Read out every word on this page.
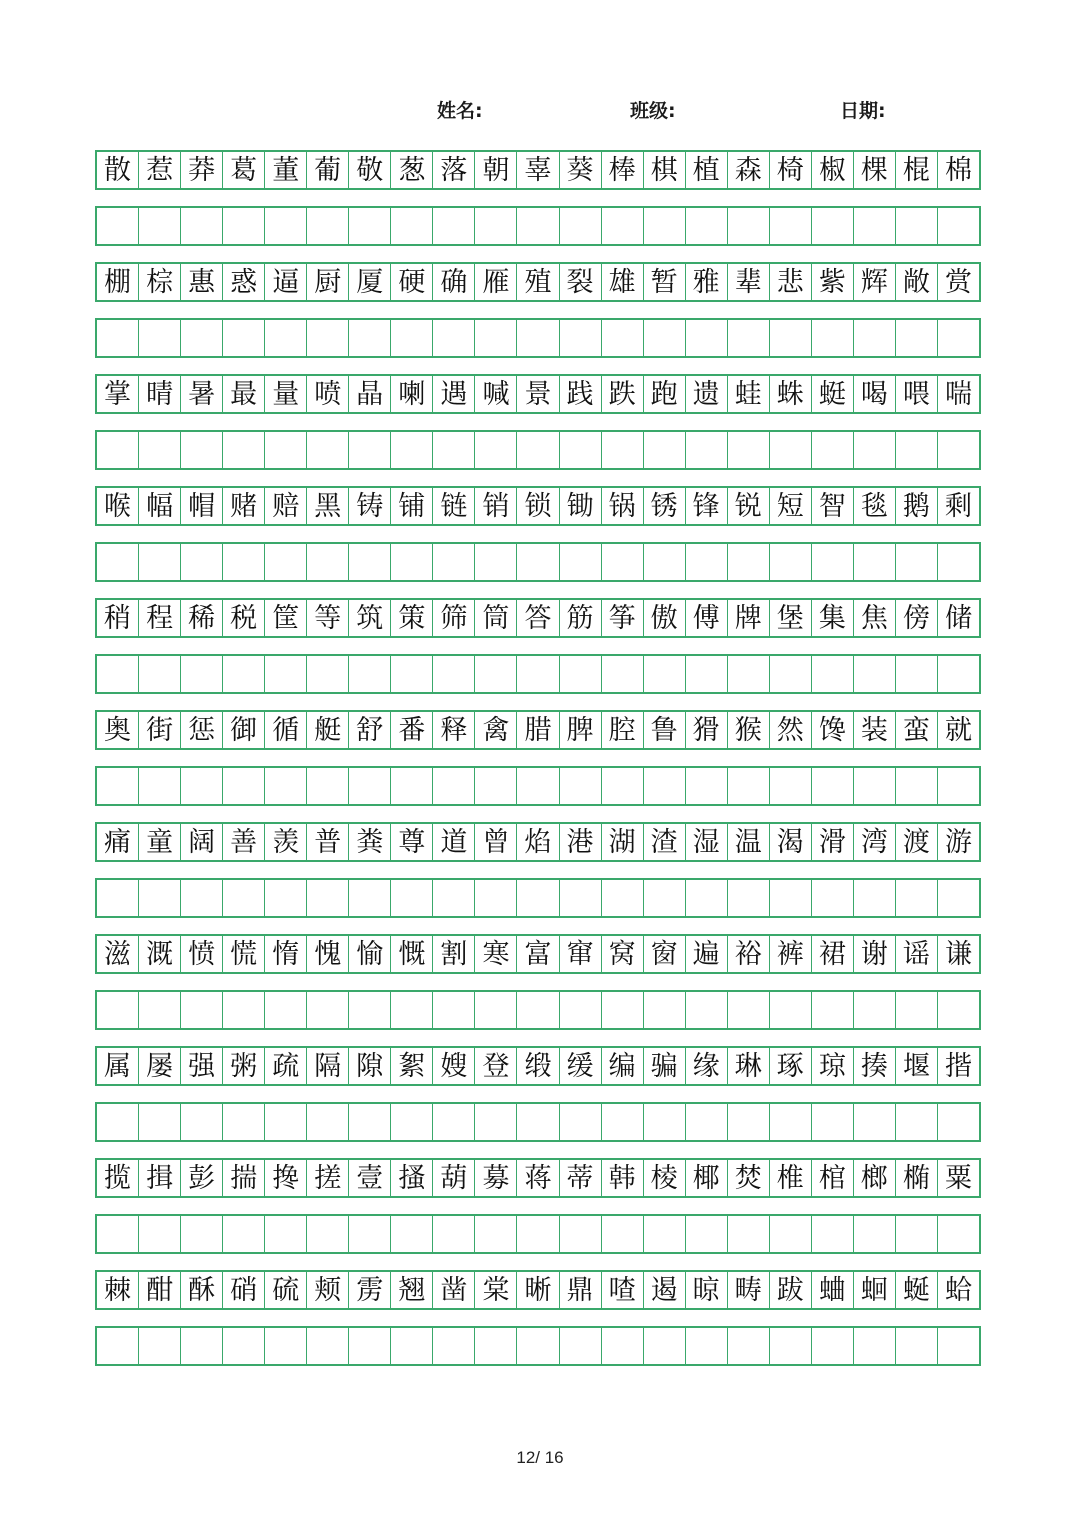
姓名:	班级:	日期:
散 惹 莽 葛 董 葡 敬 葱 落 朝 辜 葵 棒 棋 植 森 椅 椒 棵 棍 棉
棚 棕 惠 惑 逼 厨 厦 硬 确 雁 殖 裂 雄 暂 雅 辈 悲 紫 辉 敞 赏
掌 晴 暑 最 量 喷 晶 喇 遇 喊 景 践 跌 跑 遗 蛙 蛛 蜓 喝 喂 喘
喉 幅 帽 赌 赔 黑 铸 铺 链 销 锁 锄 锅 锈 锋 锐 短 智 毯 鹅 剩
稍 程 稀 税 筐 等 筑 策 筛 筒 答 筋 筝 傲 傅 牌 堡 集 焦 傍 储
奥 街 惩 御 循 艇 舒 番 释 禽 腊 脾 腔 鲁 猾 猴 然 馋 装 蛮 就
痛 童 阔 善 羡 普 粪 尊 道 曾 焰 港 湖 渣 湿 温 渴 滑 湾 渡 游
滋 溉 愤 慌 惰 愧 愉 慨 割 寒 富 窜 窝 窗 遍 裕 裤 裙 谢 谣 谦
属 屡 强 粥 疏 隔 隙 絮 嫂 登 缎 缓 编 骗 缘 琳 琢 琼 揍 堰 揩
揽 揖 彭 揣 搀 搓 壹 搔 葫 募 蒋 蒂 韩 棱 椰 焚 椎 棺 榔 椭 粟
棘 酣 酥 硝 硫 颊 雳 翘 凿 棠 晰 鼎 喳 遏 晾 畴 跋 蛐 蛔 蜒 蛤
12/ 16
